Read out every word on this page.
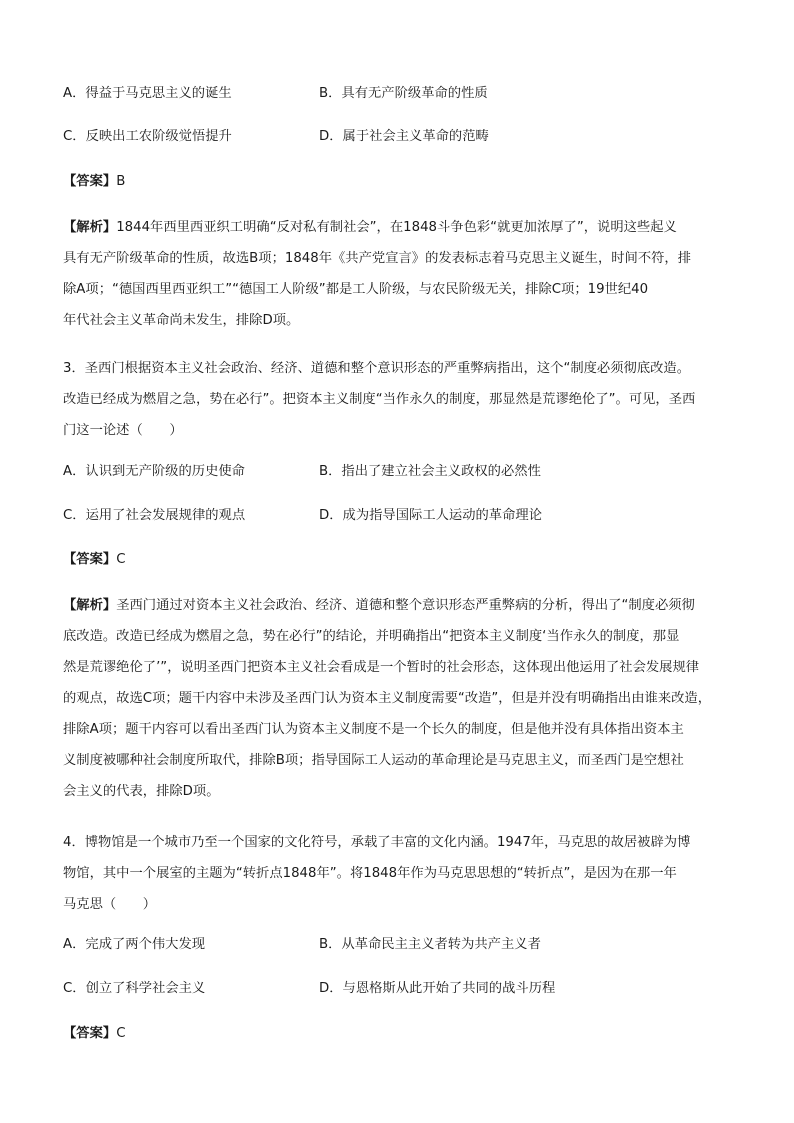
A．得益于马克思主义的诞生	B．具有无产阶级革命的性质
C．反映出工农阶级觉悟提升	D．属于社会主义革命的范畴
【答案】B
【解析】1844年西里西亚织工明确“反对私有制社会”，在1848斗争色彩“就更加浓厚了”，说明这些起义
具有无产阶级革命的性质，故选B项；1848年《共产党宣言》的发表标志着马克思主义诞生，时间不符，排
除A项；“德国西里西亚织工”“德国工人阶级”都是工人阶级，与农民阶级无关，排除C项；19世纪40
年代社会主义革命尚未发生，排除D项。
3．圣西门根据资本主义社会政治、经济、道德和整个意识形态的严重弊病指出，这个“制度必须彻底改造。
改造已经成为燃眉之急，势在必行”。把资本主义制度“当作永久的制度，那显然是荒谬绝伦了”。可见，圣西
门这一论述（　　）
A．认识到无产阶级的历史使命	B．指出了建立社会主义政权的必然性
C．运用了社会发展规律的观点	D．成为指导国际工人运动的革命理论
【答案】C
【解析】圣西门通过对资本主义社会政治、经济、道德和整个意识形态严重弊病的分析，得出了“制度必须彻
底改造。改造已经成为燃眉之急，势在必行”的结论，并明确指出“把资本主义制度‘当作永久的制度，那显
然是荒谬绝伦了’”，说明圣西门把资本主义社会看成是一个暂时的社会形态，这体现出他运用了社会发展规律
的观点，故选C项；题干内容中未涉及圣西门认为资本主义制度需要“改造”，但是并没有明确指出由谁来改造，
排除A项；题干内容可以看出圣西门认为资本主义制度不是一个长久的制度，但是他并没有具体指出资本主
义制度被哪种社会制度所取代，排除B项；指导国际工人运动的革命理论是马克思主义，而圣西门是空想社
会主义的代表，排除D项。
4．博物馆是一个城市乃至一个国家的文化符号，承载了丰富的文化内涵。1947年，马克思的故居被辟为博
物馆，其中一个展室的主题为“转折点1848年”。将1848年作为马克思思想的“转折点”，是因为在那一年
马克思（　　）
A．完成了两个伟大发现	B．从革命民主主义者转为共产主义者
C．创立了科学社会主义	D．与恩格斯从此开始了共同的战斗历程
【答案】C
